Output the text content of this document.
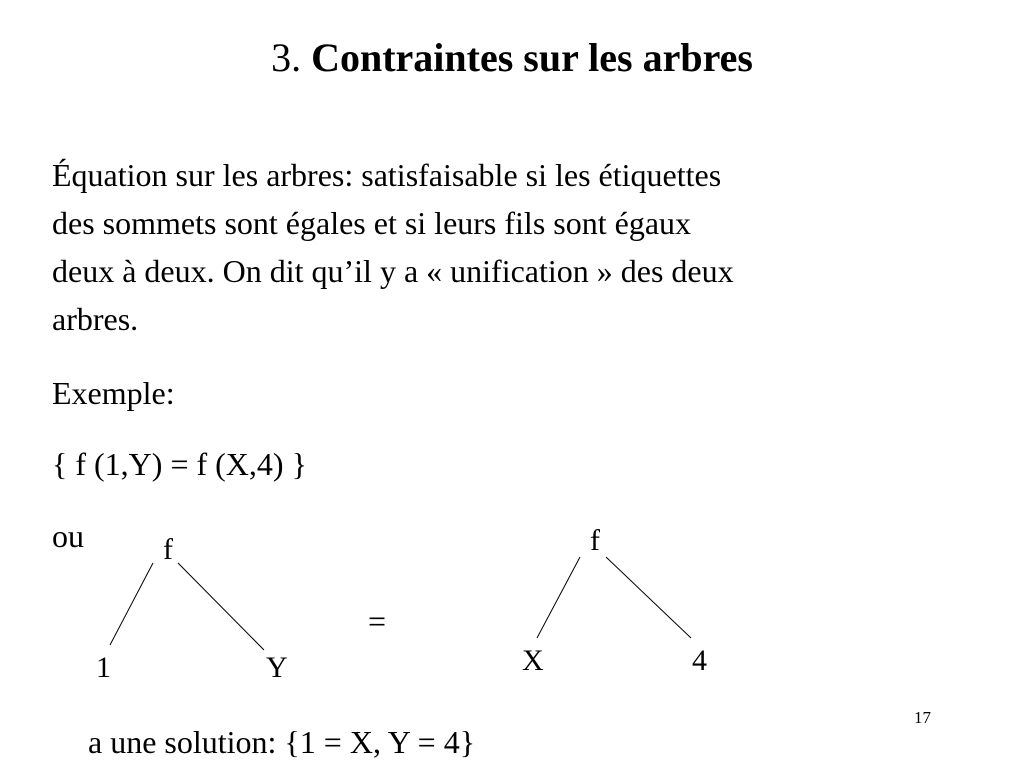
3. Contraintes sur les arbres
Équation sur les arbres: satisfaisable si les étiquettes
des sommets sont égales et si leurs fils sont égaux
deux à deux. On dit qu’il y a « unification » des deux
arbres.
Exemple:
{ f (1,Y) = f (X,4) }
ou	f
1	Y
=
f
X	4
a une solution: {1 = X, Y = 4}
17
